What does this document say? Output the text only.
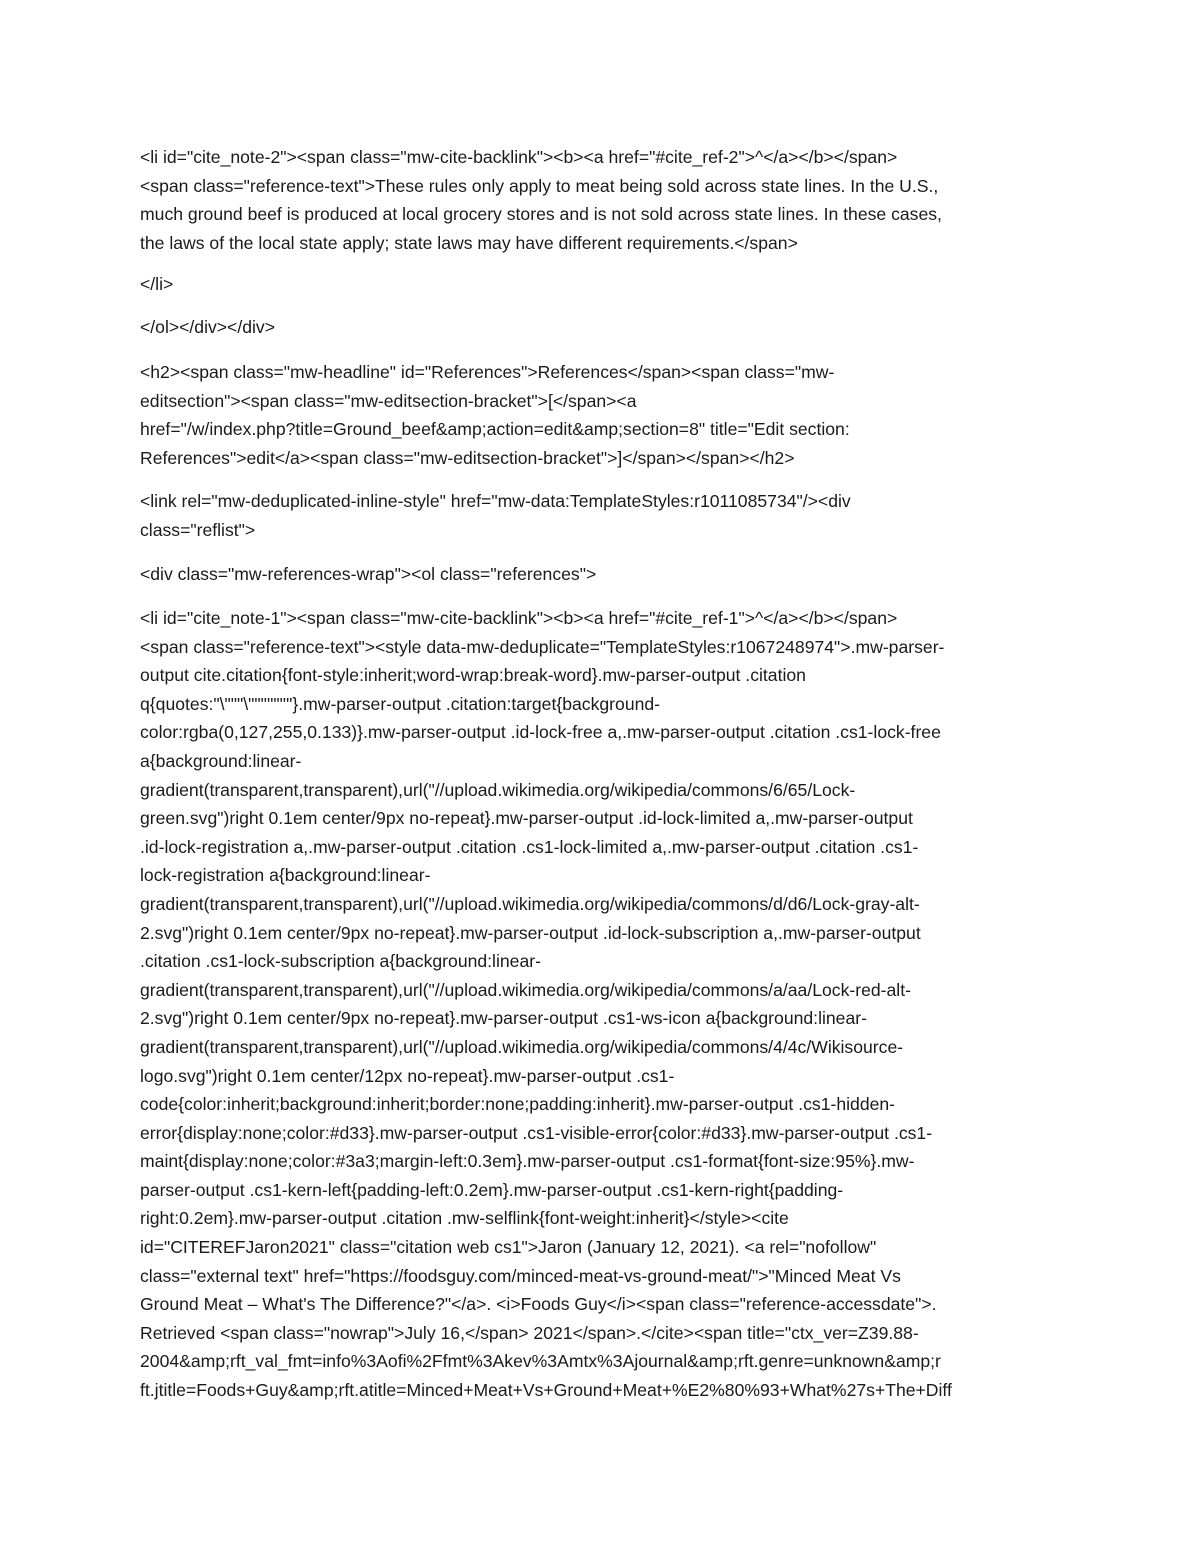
<li id="cite_note-2"><span class="mw-cite-backlink"><b><a href="#cite_ref-2">^</a></b></span>
<span class="reference-text">These rules only apply to meat being sold across state lines. In the U.S.,
much ground beef is produced at local grocery stores and is not sold across state lines. In these cases,
the laws of the local state apply; state laws may have different requirements.</span>
</li>
</ol></div></div>
<h2><span class="mw-headline" id="References">References</span><span class="mw-
editsection"><span class="mw-editsection-bracket">[</span><a
href="/w/index.php?title=Ground_beef&amp;action=edit&amp;section=8" title="Edit section:
References">edit</a><span class="mw-editsection-bracket">]</span></span></h2>
<link rel="mw-deduplicated-inline-style" href="mw-data:TemplateStyles:r1011085734"/><div
class="reflist">
<div class="mw-references-wrap"><ol class="references">
<li id="cite_note-1"><span class="mw-cite-backlink"><b><a href="#cite_ref-1">^</a></b></span>
<span class="reference-text"><style data-mw-deduplicate="TemplateStyles:r1067248974">.mw-parser-
output cite.citation{font-style:inherit;word-wrap:break-word}.mw-parser-output .citation
q{quotes:"\"""\"""'""'"}.mw-parser-output .citation:target{background-
color:rgba(0,127,255,0.133)}.mw-parser-output .id-lock-free a,.mw-parser-output .citation .cs1-lock-free
a{background:linear-
gradient(transparent,transparent),url("//upload.wikimedia.org/wikipedia/commons/6/65/Lock-
green.svg")right 0.1em center/9px no-repeat}.mw-parser-output .id-lock-limited a,.mw-parser-output
.id-lock-registration a,.mw-parser-output .citation .cs1-lock-limited a,.mw-parser-output .citation .cs1-
lock-registration a{background:linear-
gradient(transparent,transparent),url("//upload.wikimedia.org/wikipedia/commons/d/d6/Lock-gray-alt-
2.svg")right 0.1em center/9px no-repeat}.mw-parser-output .id-lock-subscription a,.mw-parser-output
.citation .cs1-lock-subscription a{background:linear-
gradient(transparent,transparent),url("//upload.wikimedia.org/wikipedia/commons/a/aa/Lock-red-alt-
2.svg")right 0.1em center/9px no-repeat}.mw-parser-output .cs1-ws-icon a{background:linear-
gradient(transparent,transparent),url("//upload.wikimedia.org/wikipedia/commons/4/4c/Wikisource-
logo.svg")right 0.1em center/12px no-repeat}.mw-parser-output .cs1-
code{color:inherit;background:inherit;border:none;padding:inherit}.mw-parser-output .cs1-hidden-
error{display:none;color:#d33}.mw-parser-output .cs1-visible-error{color:#d33}.mw-parser-output .cs1-
maint{display:none;color:#3a3;margin-left:0.3em}.mw-parser-output .cs1-format{font-size:95%}.mw-
parser-output .cs1-kern-left{padding-left:0.2em}.mw-parser-output .cs1-kern-right{padding-
right:0.2em}.mw-parser-output .citation .mw-selflink{font-weight:inherit}</style><cite
id="CITEREFJaron2021" class="citation web cs1">Jaron (January 12, 2021). <a rel="nofollow"
class="external text" href="https://foodsguy.com/minced-meat-vs-ground-meat/">"Minced Meat Vs
Ground Meat – What's The Difference?"</a>. <i>Foods Guy</i><span class="reference-accessdate">.
Retrieved <span class="nowrap">July 16,</span> 2021</span>.</cite><span title="ctx_ver=Z39.88-
2004&amp;rft_val_fmt=info%3Aofi%2Ffmt%3Akev%3Amtx%3Ajournal&amp;rft.genre=unknown&amp;r
ft.jtitle=Foods+Guy&amp;rft.atitle=Minced+Meat+Vs+Ground+Meat+%E2%80%93+What%27s+The+Diff
